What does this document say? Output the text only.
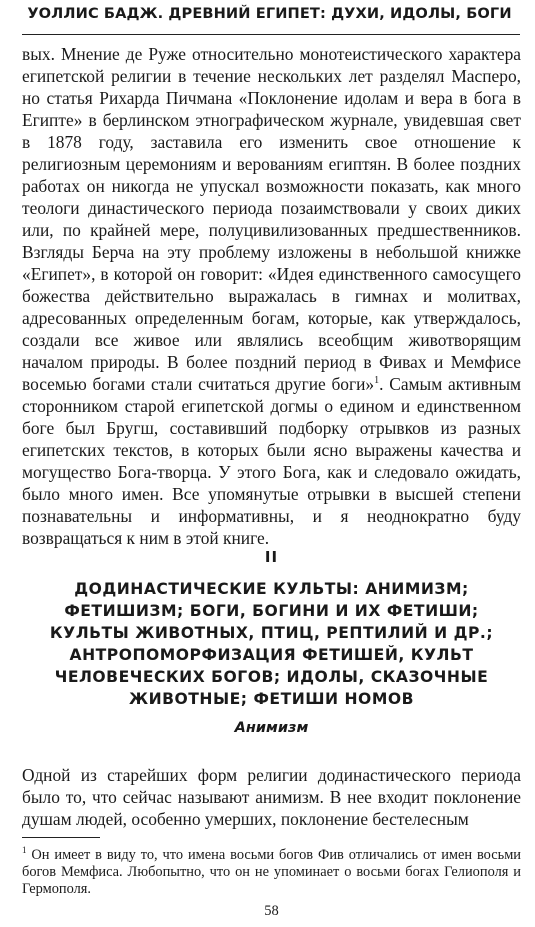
УОЛЛИС БАДЖ. ДРЕВНИЙ ЕГИПЕТ: ДУХИ, ИДОЛЫ, БОГИ

вых. Мнение де Руже относительно монотеистического характера египетской религии в течение нескольких лет разделял Масперо, но статья Рихарда Пичмана «Поклонение идолам и вера в бога в Египте» в берлинском этнографическом журнале, увидевшая свет в 1878 году, заставила его изменить свое отношение к религиозным церемониям и верованиям египтян. В более поздних работах он никогда не упускал возможности показать, как много теологи династического периода позаимствовали у своих диких или, по крайней мере, полуцивилизованных предшественников. Взгляды Берча на эту проблему изложены в небольшой книжке «Египет», в которой он говорит: «Идея единственного самосущего божества действительно выражалась в гимнах и молитвах, адресованных определенным богам, которые, как утверждалось, создали все живое или являлись всеобщим животворящим началом природы. В более поздний период в Фивах и Мемфисе восемью богами стали считаться другие боги»$^1$. Самым активным сторонником старой египетской догмы о едином и единственном боге был Бругш, составивший подборку отрывков из разных египетских текстов, в которых были ясно выражены качества и могущество Бога-творца. У этого Бога, как и следовало ожидать, было много имен. Все упомянутые отрывки в высшей степени познавательны и информативны, и я неоднократно буду возвращаться к ним в этой книге.

II
ДОДИНАСТИЧЕСКИЕ КУЛЬТЫ: АНИМИЗМ;
ФЕТИШИЗМ; БОГИ, БОГИНИ И ИХ ФЕТИШИ;
КУЛЬТЫ ЖИВОТНЫХ, ПТИЦ, РЕПТИЛИЙ И ДР.;
АНТРОПОМОРФИЗАЦИЯ ФЕТИШЕЙ, КУЛЬТ
ЧЕЛОВЕЧЕСКИХ БОГОВ; ИДОЛЫ, СКАЗОЧНЫЕ
ЖИВОТНЫЕ; ФЕТИШИ НОМОВ
Анимизм

Одной из старейших форм религии додинастического периода было то, что сейчас называют анимизм. В нее входит поклонение душам людей, особенно умерших, поклонение бестелесным

$^1$ Он имеет в виду то, что имена восьми богов Фив отличались от имен восьми богов Мемфиса. Любопытно, что он не упоминает о восьми богах Гелиополя и Гермополя.

58
